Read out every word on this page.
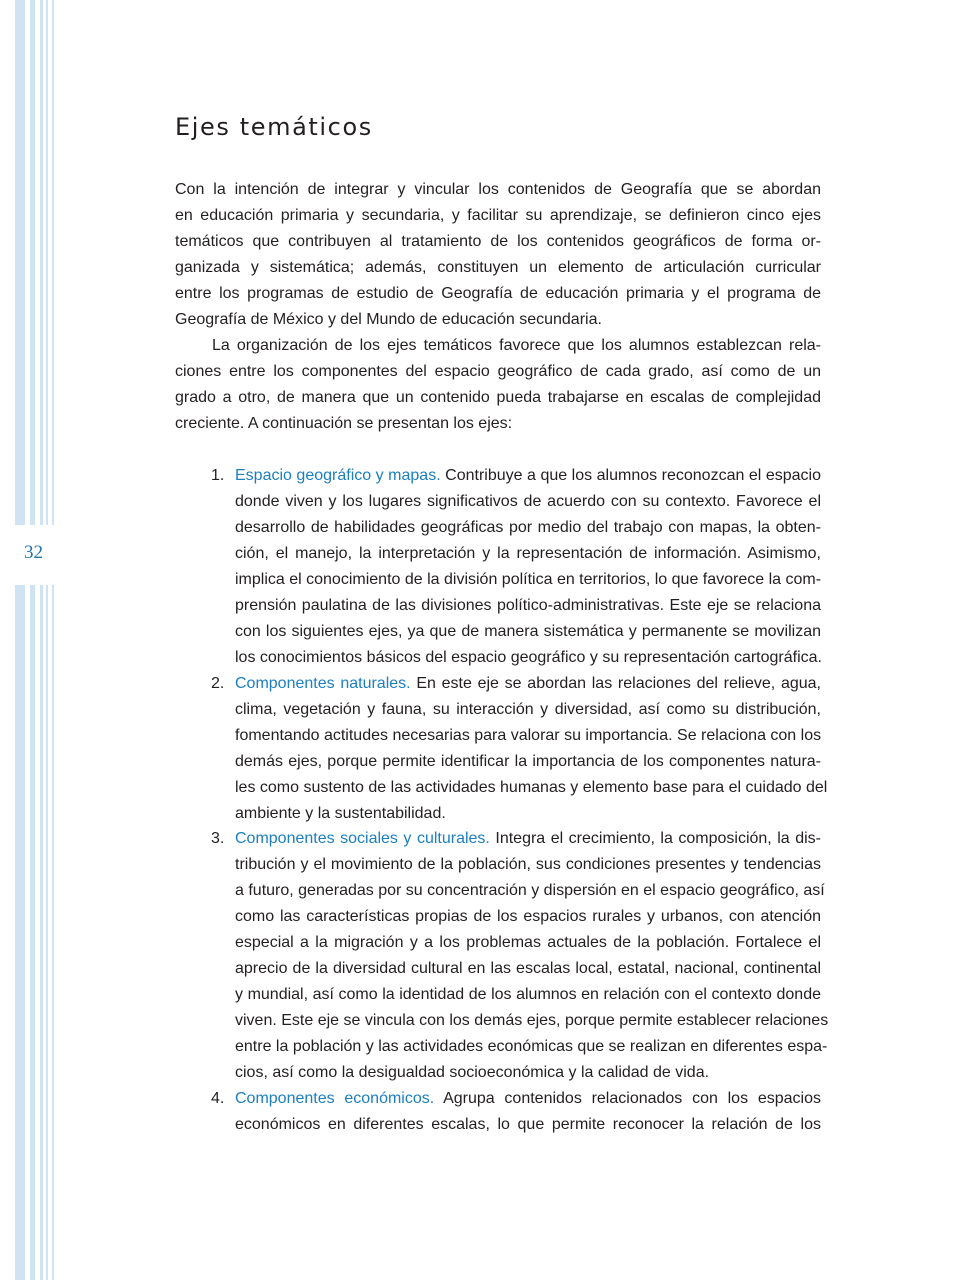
32
Ejes temáticos
Con la intención de integrar y vincular los contenidos de Geografía que se abordan
en educación primaria y secundaria, y facilitar su aprendizaje, se definieron cinco ejes
temáticos que contribuyen al tratamiento de los contenidos geográficos de forma or-
ganizada y sistemática; además, constituyen un elemento de articulación curricular
entre los programas de estudio de Geografía de educación primaria y el programa de
Geografía de México y del Mundo de educación secundaria.
La organización de los ejes temáticos favorece que los alumnos establezcan rela-
ciones entre los componentes del espacio geográfico de cada grado, así como de un
grado a otro, de manera que un contenido pueda trabajarse en escalas de complejidad
creciente. A continuación se presentan los ejes:
1. Espacio geográfico y mapas. Contribuye a que los alumnos reconozcan el espacio
donde viven y los lugares significativos de acuerdo con su contexto. Favorece el
desarrollo de habilidades geográficas por medio del trabajo con mapas, la obten-
ción, el manejo, la interpretación y la representación de información. Asimismo,
implica el conocimiento de la división política en territorios, lo que favorece la com-
prensión paulatina de las divisiones político-administrativas. Este eje se relaciona
con los siguientes ejes, ya que de manera sistemática y permanente se movilizan
los conocimientos básicos del espacio geográfico y su representación cartográfica.
2. Componentes naturales. En este eje se abordan las relaciones del relieve, agua,
clima, vegetación y fauna, su interacción y diversidad, así como su distribución,
fomentando actitudes necesarias para valorar su importancia. Se relaciona con los
demás ejes, porque permite identificar la importancia de los componentes natura-
les como sustento de las actividades humanas y elemento base para el cuidado del
ambiente y la sustentabilidad.
3. Componentes sociales y culturales. Integra el crecimiento, la composición, la dis-
tribución y el movimiento de la población, sus condiciones presentes y tendencias
a futuro, generadas por su concentración y dispersión en el espacio geográfico, así
como las características propias de los espacios rurales y urbanos, con atención
especial a la migración y a los problemas actuales de la población. Fortalece el
aprecio de la diversidad cultural en las escalas local, estatal, nacional, continental
y mundial, así como la identidad de los alumnos en relación con el contexto donde
viven. Este eje se vincula con los demás ejes, porque permite establecer relaciones
entre la población y las actividades económicas que se realizan en diferentes espa-
cios, así como la desigualdad socioeconómica y la calidad de vida.
4. Componentes económicos. Agrupa contenidos relacionados con los espacios
económicos en diferentes escalas, lo que permite reconocer la relación de los
